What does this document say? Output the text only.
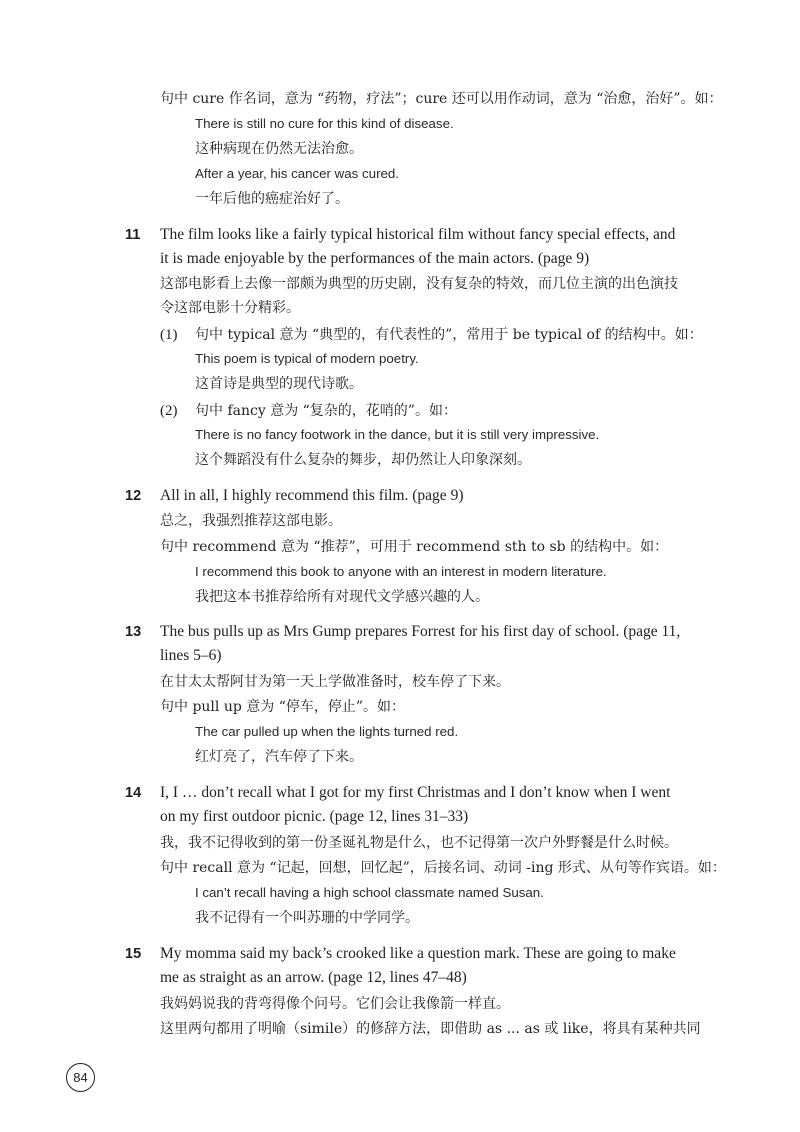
句中 cure 作名词，意为 “药物，疗法”；cure 还可以用作动词，意为 “治愈，治好”。如：
There is still no cure for this kind of disease.
这种病现在仍然无法治愈。
After a year, his cancer was cured.
一年后他的癌症治好了。
11 The film looks like a fairly typical historical film without fancy special effects, and
it is made enjoyable by the performances of the main actors. (page 9)
这部电影看上去像一部颇为典型的历史剧，没有复杂的特效，而几位主演的出色演技
令这部电影十分精彩。
(1) 句中 typical 意为 “典型的，有代表性的”，常用于 be typical of 的结构中。如：
This poem is typical of modern poetry.
这首诗是典型的现代诗歌。
(2) 句中 fancy 意为 “复杂的，花哨的”。如：
There is no fancy footwork in the dance, but it is still very impressive.
这个舞蹈没有什么复杂的舞步，却仍然让人印象深刻。
12 All in all, I highly recommend this film. (page 9)
总之，我强烈推荐这部电影。
句中 recommend 意为 “推荐”，可用于 recommend sth to sb 的结构中。如：
I recommend this book to anyone with an interest in modern literature.
我把这本书推荐给所有对现代文学感兴趣的人。
13 The bus pulls up as Mrs Gump prepares Forrest for his first day of school. (page 11,
lines 5–6)
在甘太太帮阿甘为第一天上学做准备时，校车停了下来。
句中 pull up 意为 “停车，停止”。如：
The car pulled up when the lights turned red.
红灯亮了，汽车停了下来。
14 I, I … don’t recall what I got for my first Christmas and I don’t know when I went
on my first outdoor picnic. (page 12, lines 31–33)
我，我不记得收到的第一份圣诞礼物是什么，也不记得第一次户外野餐是什么时候。
句中 recall 意为 “记起，回想，回忆起”，后接名词、动词 -ing 形式、从句等作宾语。如：
I can’t recall having a high school classmate named Susan.
我不记得有一个叫苏珊的中学同学。
15 My momma said my back’s crooked like a question mark. These are going to make
me as straight as an arrow. (page 12, lines 47–48)
我妈妈说我的背弯得像个问号。它们会让我像箭一样直。
这里两句都用了明喻（simile）的修辞方法，即借助 as ... as 或 like，将具有某种共同
84
